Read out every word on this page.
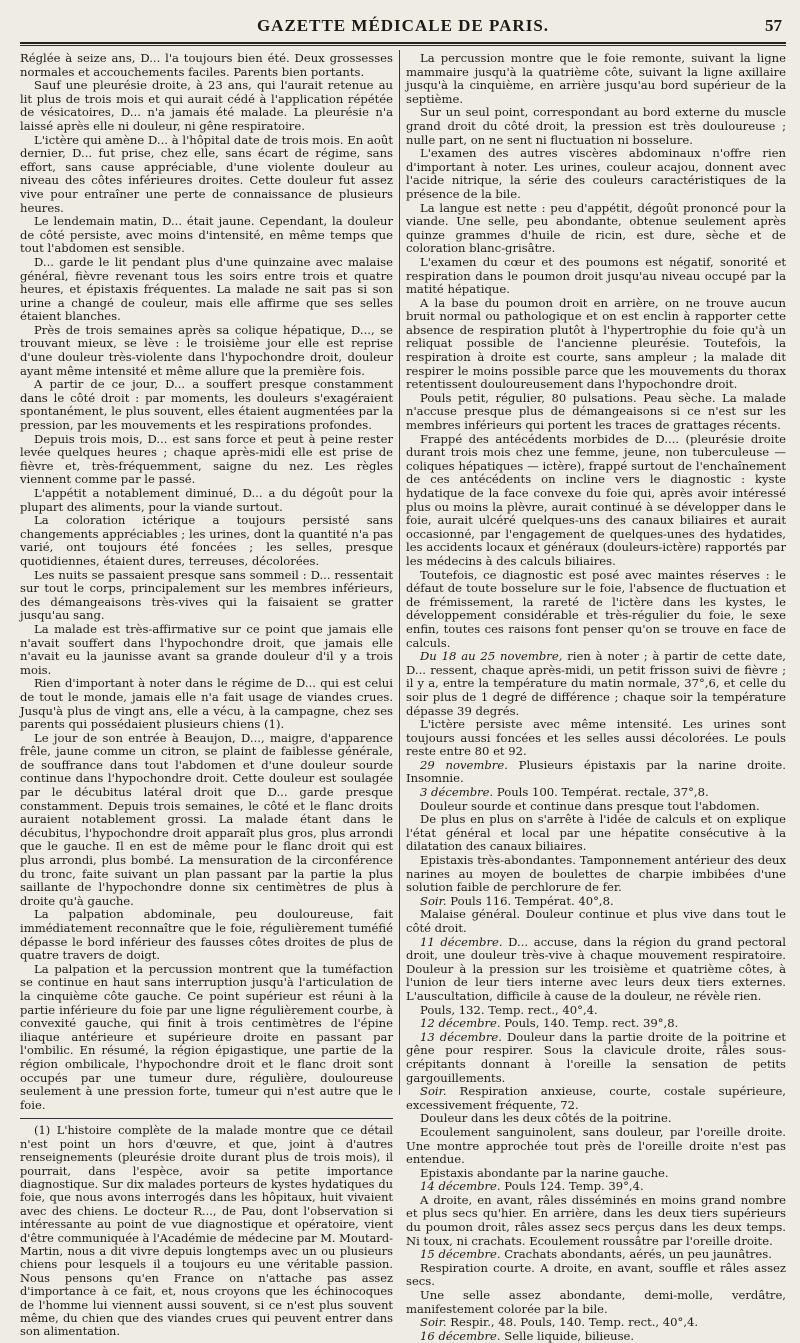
GAZETTE MÉDICALE DE PARIS.	57

Réglée à seize ans, D... l'a toujours bien été. Deux grossesses normales et accouchements faciles. Parents bien portants.

Sauf une pleurésie droite, à 23 ans, qui l'aurait retenue au lit plus de trois mois et qui aurait cédé à l'application répétée de vésicatoires, D... n'a jamais été malade. La pleurésie n'a laissé après elle ni douleur, ni gêne respiratoire.

L'ictère qui amène D... à l'hôpital date de trois mois. En août dernier, D... fut prise, chez elle, sans écart de régime, sans effort, sans cause appréciable, d'une violente douleur au niveau des côtes inférieures droites. Cette douleur fut assez vive pour entraîner une perte de connaissance de plusieurs heures.

Le lendemain matin, D... était jaune. Cependant, la douleur de côté persiste, avec moins d'intensité, en même temps que tout l'abdomen est sensible.

D... garde le lit pendant plus d'une quinzaine avec malaise général, fièvre revenant tous les soirs entre trois et quatre heures, et épistaxis fréquentes. La malade ne sait pas si son urine a changé de couleur, mais elle affirme que ses selles étaient blanches.

Près de trois semaines après sa colique hépatique, D..., se trouvant mieux, se lève : le troisième jour elle est reprise d'une douleur très-violente dans l'hypochondre droit, douleur ayant même intensité et même allure que la première fois.

A partir de ce jour, D... a souffert presque constamment dans le côté droit : par moments, les douleurs s'exagéraient spontanément, le plus souvent, elles étaient augmentées par la pression, par les mouvements et les respirations profondes.

Depuis trois mois, D... est sans force et peut à peine rester levée quelques heures ; chaque après-midi elle est prise de fièvre et, très-fréquemment, saigne du nez. Les règles viennent comme par le passé.

L'appétit a notablement diminué, D... a du dégoût pour la plupart des aliments, pour la viande surtout.

La coloration ictérique a toujours persisté sans changements appréciables ; les urines, dont la quantité n'a pas varié, ont toujours été foncées ; les selles, presque quotidiennes, étaient dures, terreuses, décolorées.

Les nuits se passaient presque sans sommeil : D... ressentait sur tout le corps, principalement sur les membres inférieurs, des démangeaisons très-vives qui la faisaient se gratter jusqu'au sang.

La malade est très-affirmative sur ce point que jamais elle n'avait souffert dans l'hypochondre droit, que jamais elle n'avait eu la jaunisse avant sa grande douleur d'il y a trois mois.

Rien d'important à noter dans le régime de D... qui est celui de tout le monde, jamais elle n'a fait usage de viandes crues. Jusqu'à plus de vingt ans, elle a vécu, à la campagne, chez ses parents qui possédaient plusieurs chiens (1).

Le jour de son entrée à Beaujon, D..., maigre, d'apparence frêle, jaune comme un citron, se plaint de faiblesse générale, de souffrance dans tout l'abdomen et d'une douleur sourde continue dans l'hypochondre droit. Cette douleur est soulagée par le décubitus latéral droit que D... garde presque constamment. Depuis trois semaines, le côté et le flanc droits auraient notablement grossi. La malade étant dans le décubitus, l'hypochondre droit apparaît plus gros, plus arrondi que le gauche. Il en est de même pour le flanc droit qui est plus arrondi, plus bombé. La mensuration de la circonférence du tronc, faite suivant un plan passant par la partie la plus saillante de l'hypochondre donne six centimètres de plus à droite qu'à gauche.

La palpation abdominale, peu douloureuse, fait immédiatement reconnaître que le foie, régulièrement tuméfié dépasse le bord inférieur des fausses côtes droites de plus de quatre travers de doigt.

La palpation et la percussion montrent que la tuméfaction se continue en haut sans interruption jusqu'à l'articulation de la cinquième côte gauche. Ce point supérieur est réuni à la partie inférieure du foie par une ligne régulièrement courbe, à convexité gauche, qui finit à trois centimètres de l'épine iliaque antérieure et supérieure droite en passant par l'ombilic. En résumé, la région épigastique, une partie de la région ombilicale, l'hypochondre droit et le flanc droit sont occupés par une tumeur dure, régulière, douloureuse seulement à une pression forte, tumeur qui n'est autre que le foie.

(1) L'histoire complète de la malade montre que ce détail n'est point un hors d'œuvre, et que, joint à d'autres renseignements (pleurésie droite durant plus de trois mois), il pourrait, dans l'espèce, avoir sa petite importance diagnostique. Sur dix malades porteurs de kystes hydatiques du foie, que nous avons interrogés dans les hôpitaux, huit vivaient avec des chiens. Le docteur R..., de Pau, dont l'observation si intéressante au point de vue diagnostique et opératoire, vient d'être communiquée à l'Académie de médecine par M. Moutard-Martin, nous a dit vivre depuis longtemps avec un ou plusieurs chiens pour lesquels il a toujours eu une véritable passion. Nous pensons qu'en France on n'attache pas assez d'importance à ce fait, et, nous croyons que les échinocoques de l'homme lui viennent aussi souvent, si ce n'est plus souvent même, du chien que des viandes crues qui peuvent entrer dans son alimentation.

La percussion montre que le foie remonte, suivant la ligne mammaire jusqu'à la quatrième côte, suivant la ligne axillaire jusqu'à la cinquième, en arrière jusqu'au bord supérieur de la septième.

Sur un seul point, correspondant au bord externe du muscle grand droit du côté droit, la pression est très douloureuse ; nulle part, on ne sent ni fluctuation ni bosselure.

L'examen des autres viscères abdominaux n'offre rien d'important à noter. Les urines, couleur acajou, donnent avec l'acide nitrique, la série des couleurs caractéristiques de la présence de la bile.

La langue est nette : peu d'appétit, dégoût prononcé pour la viande. Une selle, peu abondante, obtenue seulement après quinze grammes d'huile de ricin, est dure, sèche et de coloration blanc-grisâtre.

L'examen du cœur et des poumons est négatif, sonorité et respiration dans le poumon droit jusqu'au niveau occupé par la matité hépatique.

A la base du poumon droit en arrière, on ne trouve aucun bruit normal ou pathologique et on est enclin à rapporter cette absence de respiration plutôt à l'hypertrophie du foie qu'à un reliquat possible de l'ancienne pleurésie. Toutefois, la respiration à droite est courte, sans ampleur ; la malade dit respirer le moins possible parce que les mouvements du thorax retentissent douloureusement dans l'hypochondre droit.

Pouls petit, régulier, 80 pulsations. Peau sèche. La malade n'accuse presque plus de démangeaisons si ce n'est sur les membres inférieurs qui portent les traces de grattages récents.

Frappé des antécédents morbides de D.... (pleurésie droite durant trois mois chez une femme, jeune, non tuberculeuse — coliques hépatiques — ictère), frappé surtout de l'enchaînement de ces antécédents on incline vers le diagnostic : kyste hydatique de la face convexe du foie qui, après avoir intéressé plus ou moins la plèvre, aurait continué à se développer dans le foie, aurait ulcéré quelques-uns des canaux biliaires et aurait occasionné, par l'engagement de quelques-unes des hydatides, les accidents locaux et généraux (douleurs-ictère) rapportés par les médecins à des calculs biliaires.

Toutefois, ce diagnostic est posé avec maintes réserves : le défaut de toute bosselure sur le foie, l'absence de fluctuation et de frémissement, la rareté de l'ictère dans les kystes, le développement considérable et très-régulier du foie, le sexe enfin, toutes ces raisons font penser qu'on se trouve en face de calculs.

Du 18 au 25 novembre, rien à noter ; à partir de cette date, D... ressent, chaque après-midi, un petit frisson suivi de fièvre ; il y a, entre la température du matin normale, 37°,6, et celle du soir plus de 1 degré de différence ; chaque soir la température dépasse 39 degrés.

L'ictère persiste avec même intensité. Les urines sont toujours aussi foncées et les selles aussi décolorées. Le pouls reste entre 80 et 92.

29 novembre. Plusieurs épistaxis par la narine droite. Insomnie.

3 décembre. Pouls 100. Températ. rectale, 37°,8.

Douleur sourde et continue dans presque tout l'abdomen.

De plus en plus on s'arrête à l'idée de calculs et on explique l'état général et local par une hépatite consécutive à la dilatation des canaux biliaires.

Epistaxis très-abondantes. Tamponnement antérieur des deux narines au moyen de boulettes de charpie imbibées d'une solution faible de perchlorure de fer.

Soir. Pouls 116. Températ. 40°,8.

Malaise général. Douleur continue et plus vive dans tout le côté droit.

11 décembre. D... accuse, dans la région du grand pectoral droit, une douleur très-vive à chaque mouvement respiratoire. Douleur à la pression sur les troisième et quatrième côtes, à l'union de leur tiers interne avec leurs deux tiers externes. L'auscultation, difficile à cause de la douleur, ne révèle rien.

Pouls, 132. Temp. rect., 40°,4.

12 décembre. Pouls, 140. Temp. rect. 39°,8.

13 décembre. Douleur dans la partie droite de la poitrine et gêne pour respirer. Sous la clavicule droite, râles sous-crépitants donnant à l'oreille la sensation de petits gargouillements.

Soir. Respiration anxieuse, courte, costale supérieure, excessivement fréquente, 72.

Douleur dans les deux côtés de la poitrine.

Ecoulement sanguinolent, sans douleur, par l'oreille droite. Une montre approchée tout près de l'oreille droite n'est pas entendue.

Epistaxis abondante par la narine gauche.

14 décembre. Pouls 124. Temp. 39°,4.

A droite, en avant, râles disséminés en moins grand nombre et plus secs qu'hier. En arrière, dans les deux tiers supérieurs du poumon droit, râles assez secs perçus dans les deux temps. Ni toux, ni crachats. Ecoulement roussâtre par l'oreille droite.

15 décembre. Crachats abondants, aérés, un peu jaunâtres.

Respiration courte. A droite, en avant, souffle et râles assez secs.

Une selle assez abondante, demi-molle, verdâtre, manifestement colorée par la bile.

Soir. Respir., 48. Pouls, 140. Temp. rect., 40°,4.

16 décembre. Selle liquide, bilieuse.
